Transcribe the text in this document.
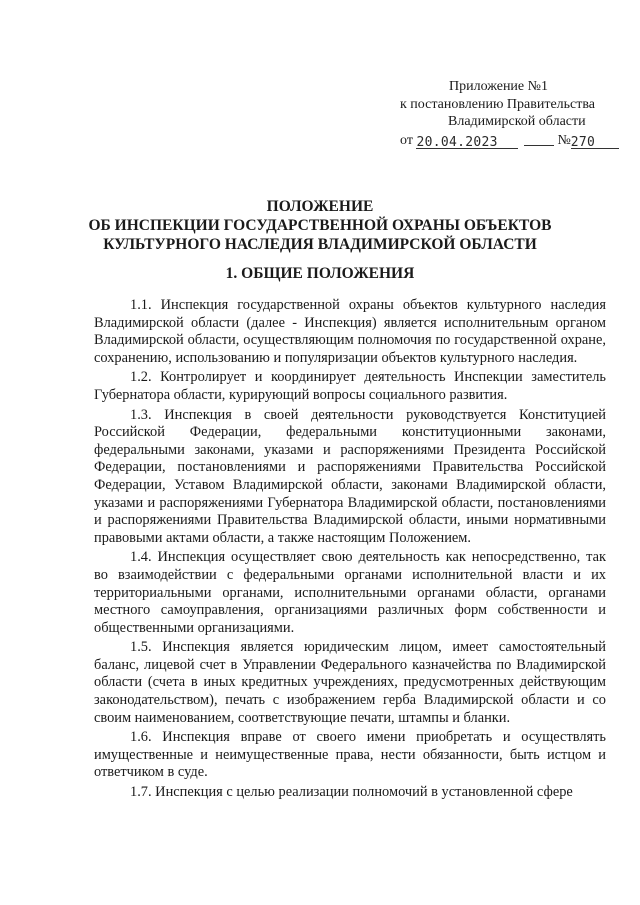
Приложение №1
к постановлению Правительства
Владимирской области
от 20.04.2023	№270
ПОЛОЖЕНИЕ
ОБ ИНСПЕКЦИИ ГОСУДАРСТВЕННОЙ ОХРАНЫ ОБЪЕКТОВ
КУЛЬТУРНОГО НАСЛЕДИЯ ВЛАДИМИРСКОЙ ОБЛАСТИ
1. ОБЩИЕ ПОЛОЖЕНИЯ

1.1. Инспекция государственной охраны объектов культурного наследия Владимирской области (далее - Инспекция) является исполнительным органом Владимирской области, осуществляющим полномочия по государственной охране, сохранению, использованию и популяризации объектов культурного наследия.

1.2. Контролирует и координирует деятельность Инспекции заместитель Губернатора области, курирующий вопросы социального развития.

1.3. Инспекция в своей деятельности руководствуется Конституцией Российской Федерации, федеральными конституционными законами, федеральными законами, указами и распоряжениями Президента Российской Федерации, постановлениями и распоряжениями Правительства Российской Федерации, Уставом Владимирской области, законами Владимирской области, указами и распоряжениями Губернатора Владимирской области, постановлениями и распоряжениями Правительства Владимирской области, иными нормативными правовыми актами области, а также настоящим Положением.

1.4. Инспекция осуществляет свою деятельность как непосредственно, так во взаимодействии с федеральными органами исполнительной власти и их территориальными органами, исполнительными органами области, органами местного самоуправления, организациями различных форм собственности и общественными организациями.

1.5. Инспекция является юридическим лицом, имеет самостоятельный баланс, лицевой счет в Управлении Федерального казначейства по Владимирской области (счета в иных кредитных учреждениях, предусмотренных действующим законодательством), печать с изображением герба Владимирской области и со своим наименованием, соответствующие печати, штампы и бланки.

1.6. Инспекция вправе от своего имени приобретать и осуществлять имущественные и неимущественные права, нести обязанности, быть истцом и ответчиком в суде.

1.7. Инспекция с целью реализации полномочий в установленной сфере
